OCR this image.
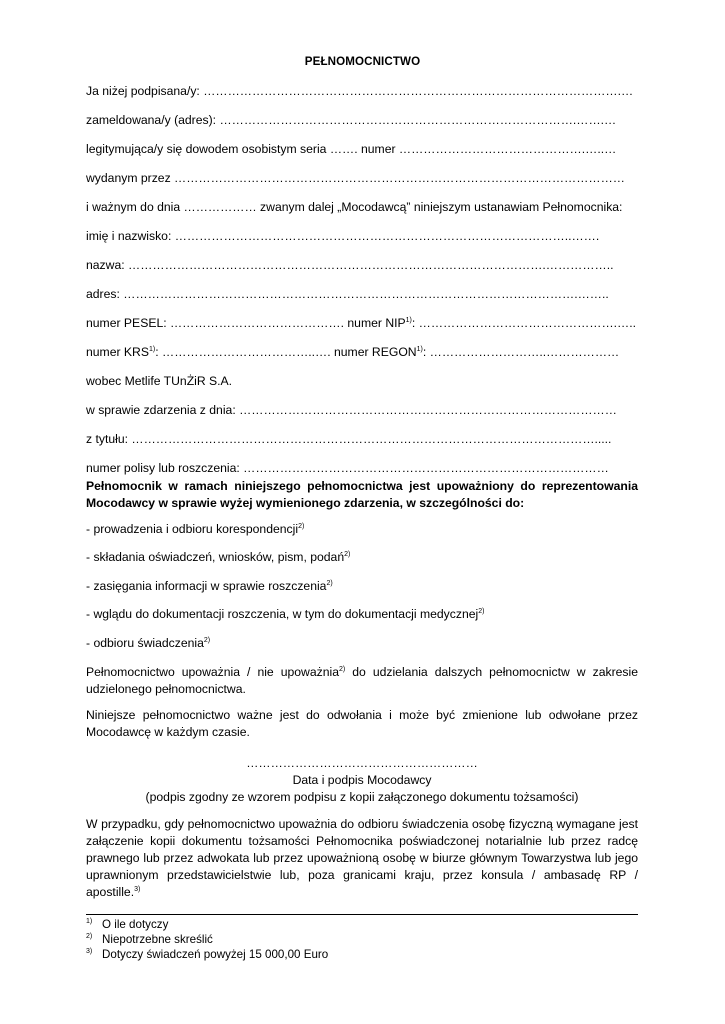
PEŁNOMOCNICTWO
Ja niżej podpisana/y: ………………………………………………………………………………………….…
zameldowana/y (adres): …………………………………………………………………………….…….…
legitymująca/y się dowodem osobistym seria ……. numer ……………………………………….…..…
wydanym przez …………………………………………………………………………………………………
i ważnym do dnia ……………… zwanym dalej „Mocodawcą” niniejszym ustanawiam Pełnomocnika:
imię i nazwisko: ……………………………………………………………………………………..…….
nazwa: ………………………………………………………………………………………….……………..
adres: ………………………………………………………………………………………………….……..
numer PESEL: ……………………………………. numer NIP$^{1)}$: ………………………………………….…..
numer KRS$^{1)}$: ………………………………..…. numer REGON$^{1)}$: ………………………..………………
wobec Metlife TUnŻiR S.A.
w sprawie zdarzenia z dnia: …………………………………………………………………………………
z tytułu: …………………………………………………………………………………………………….....
numer polisy lub roszczenia: ………………………………………………………………………………
Pełnomocnik w ramach niniejszego pełnomocnictwa jest upoważniony do reprezentowania Mocodawcy w sprawie wyżej wymienionego zdarzenia, w szczególności do:
- prowadzenia i odbioru korespondencji$^{2)}$
- składania oświadczeń, wniosków, pism, podań$^{2)}$
- zasięgania informacji w sprawie roszczenia$^{2)}$
- wglądu do dokumentacji roszczenia, w tym do dokumentacji medycznej$^{2)}$
- odbioru świadczenia$^{2)}$
Pełnomocnictwo upoważnia / nie upoważnia$^{2)}$ do udzielania dalszych pełnomocnictw w zakresie udzielonego pełnomocnictwa.
Niniejsze pełnomocnictwo ważne jest do odwołania i może być zmienione lub odwołane przez Mocodawcę w każdym czasie.
…………………………………………………
Data i podpis Mocodawcy
(podpis zgodny ze wzorem podpisu z kopii załączonego dokumentu tożsamości)
W przypadku, gdy pełnomocnictwo upoważnia do odbioru świadczenia osobę fizyczną wymagane jest załączenie kopii dokumentu tożsamości Pełnomocnika poświadczonej notarialnie lub przez radcę prawnego lub przez adwokata lub przez upoważnioną osobę w biurze głównym Towarzystwa lub jego uprawnionym przedstawicielstwie lub, poza granicami kraju, przez konsula / ambasadę RP / apostille.$^{3)}$
$^{1)}$ O ile dotyczy
$^{2)}$ Niepotrzebne skreślić
$^{3)}$ Dotyczy świadczeń powyżej 15 000,00 Euro
